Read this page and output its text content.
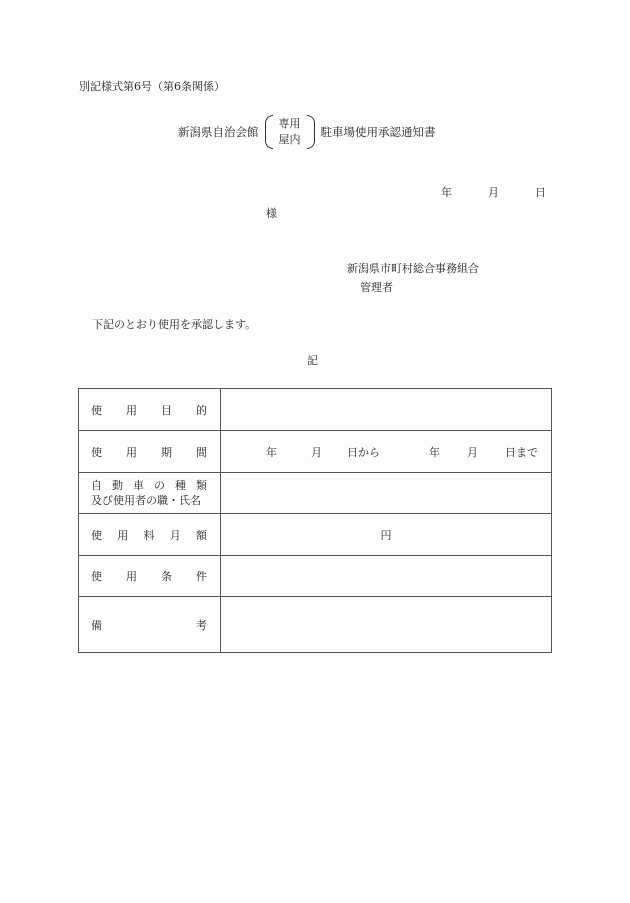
別記様式第6号（第6条関係）
新潟県自治会館
専用
屋内
駐車場使用承認通知書
年	月	日
様
新潟県市町村総合事務組合
管理者
下記のとおり使用を承認します。
記
使 用 目 的	

使 用 期 間	年	月	日から	年	月	日まで

自 動 車 の 種 類
及び使用者の職・氏名

使 用 料 月 額	円

使 用 条 件	

備 考	
